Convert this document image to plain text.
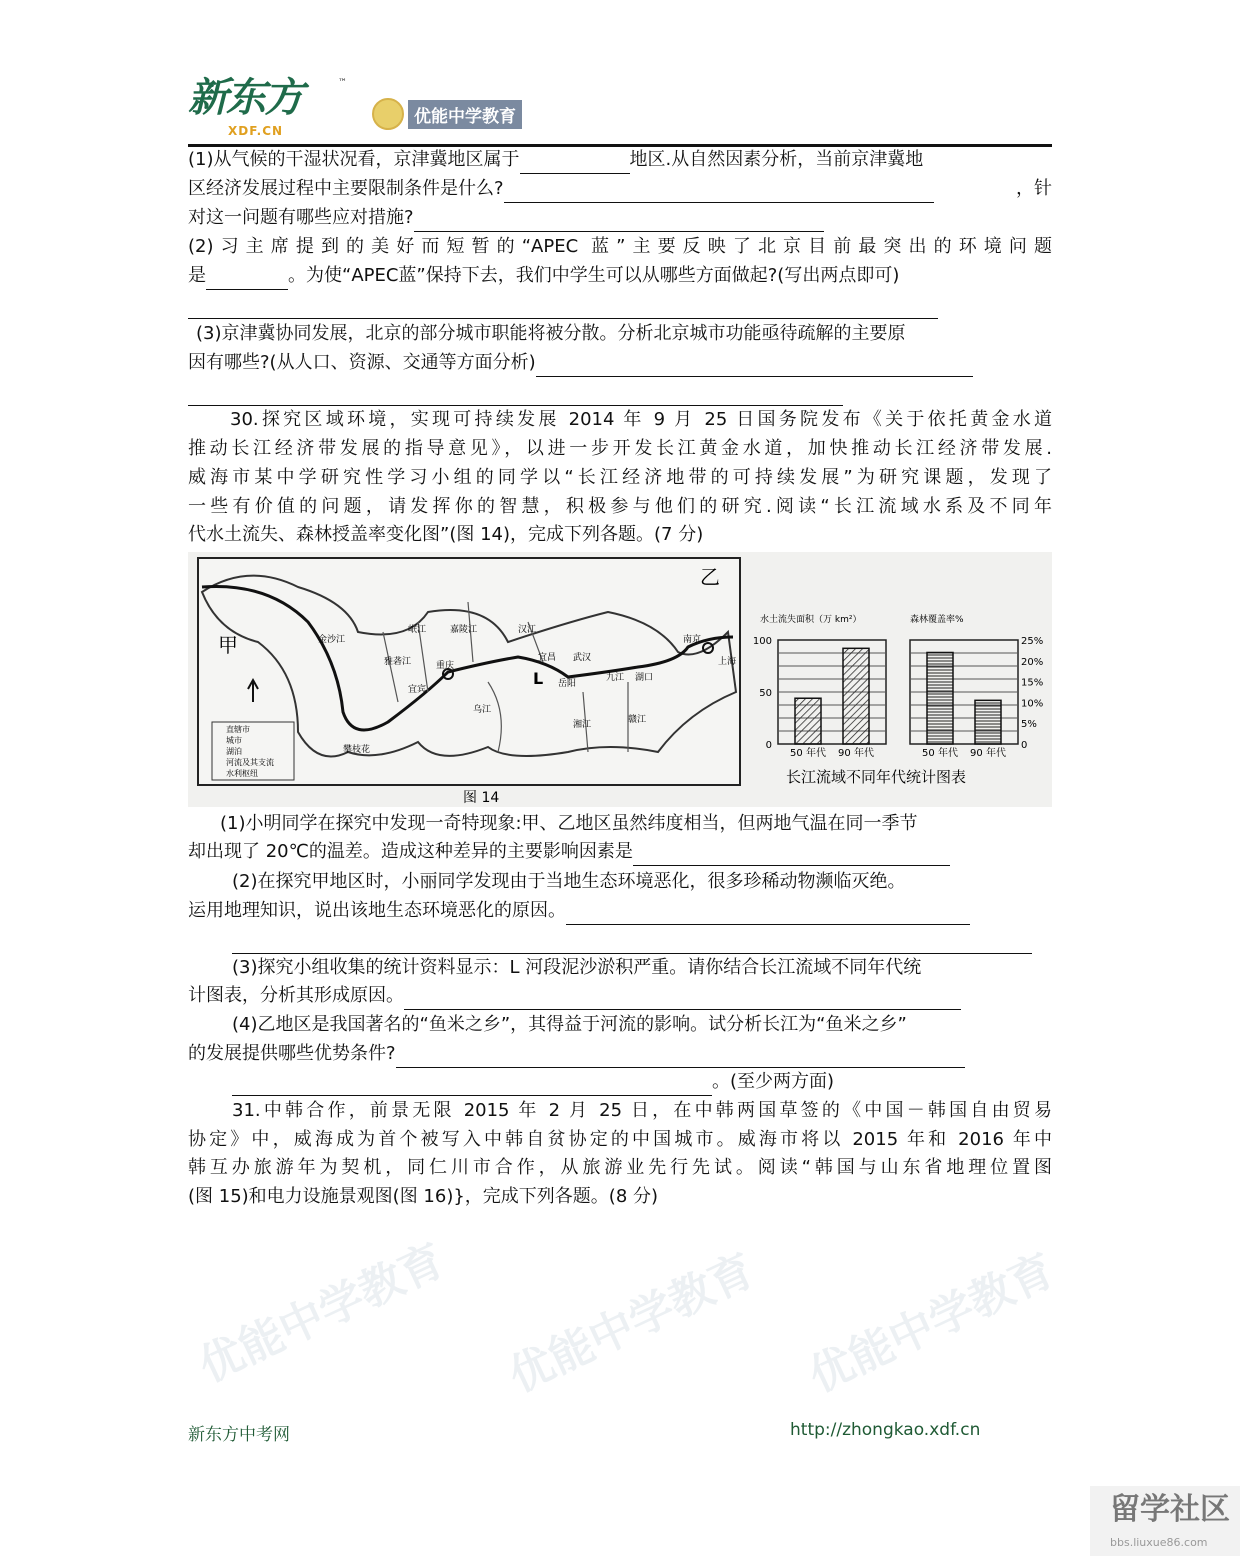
新东方
XDF.CN
™
优能中学教育
(1)从气候的干湿状况看，京津冀地区属于	地区.从自然因素分析，当前京津冀地
区经济发展过程中主要限制条件是什么?	，针
对这一问题有哪些应对措施?
(2)习主席提到的美好而短暂的“APEC 蓝”主要反映了北京目前最突出的环境问题
是	。为使“APEC蓝”保持下去，我们中学生可以从哪些方面做起?(写出两点即可)
(3)京津冀协同发展，北京的部分城市职能将被分散。分析北京城市功能亟待疏解的主要原
因有哪些?(从人口、资源、交通等方面分析)
30.探究区域环境，实现可持续发展 2014 年 9 月 25 日国务院发布《关于依托黄金水道
推动长江经济带发展的指导意见》，以进一步开发长江黄金水道，加快推动长江经济带发展.
威海市某中学研究性学习小组的同学以“长江经济地带的可持续发展”为研究课题，发现了
一些有价值的问题，请发挥你的智慧，积极参与他们的研究.阅读“长江流域水系及不同年
代水土流失、森林授盖率变化图”(图 14)，完成下列各题。(7 分)
甲
乙
L
重庆
宜宾
宜昌 武汉
岳阳
九江 湖口
南京
上海
攀枝花
金沙江
雅砻江
岷江	嘉陵江	汉江
乌江
湘江	赣江
直辖市
城市
湖泊
河流及其支流
水利枢纽
图 14
水土流失面积（万 km²）
0
50
100
50 年代 90 年代
森林覆盖率%
0
5%
10%
15%
20%
25%
50 年代 90 年代
长江流域不同年代统计图表
(1)小明同学在探究中发现一奇特现象:甲、乙地区虽然纬度相当，但两地气温在同一季节
却出现了 20℃的温差。造成这种差异的主要影响因素是
(2)在探究甲地区时，小丽同学发现由于当地生态环境恶化，很多珍稀动物濒临灭绝。
运用地理知识，说出该地生态环境恶化的原因。
(3)探究小组收集的统计资料显示：L 河段泥沙淤积严重。请你结合长江流域不同年代统
计图表，分析其形成原因。
(4)乙地区是我国著名的“鱼米之乡”，其得益于河流的影响。试分析长江为“鱼米之乡”
的发展提供哪些优势条件?
。(至少两方面)
31.中韩合作，前景无限 2015 年 2 月 25 日，在中韩两国草签的《中国－韩国自由贸易
协定》中，威海成为首个被写入中韩自贫协定的中国城市。威海市将以 2015 年和 2016 年中
韩互办旅游年为契机，同仁川市合作，从旅游业先行先试。阅读“韩国与山东省地理位置图
(图 15)和电力设施景观图(图 16)}，完成下列各题。(8 分)
优能中学教育 优能中学教育 优能中学教育
新东方中考网	http://zhongkao.xdf.cn
留学社区
bbs.liuxue86.com
